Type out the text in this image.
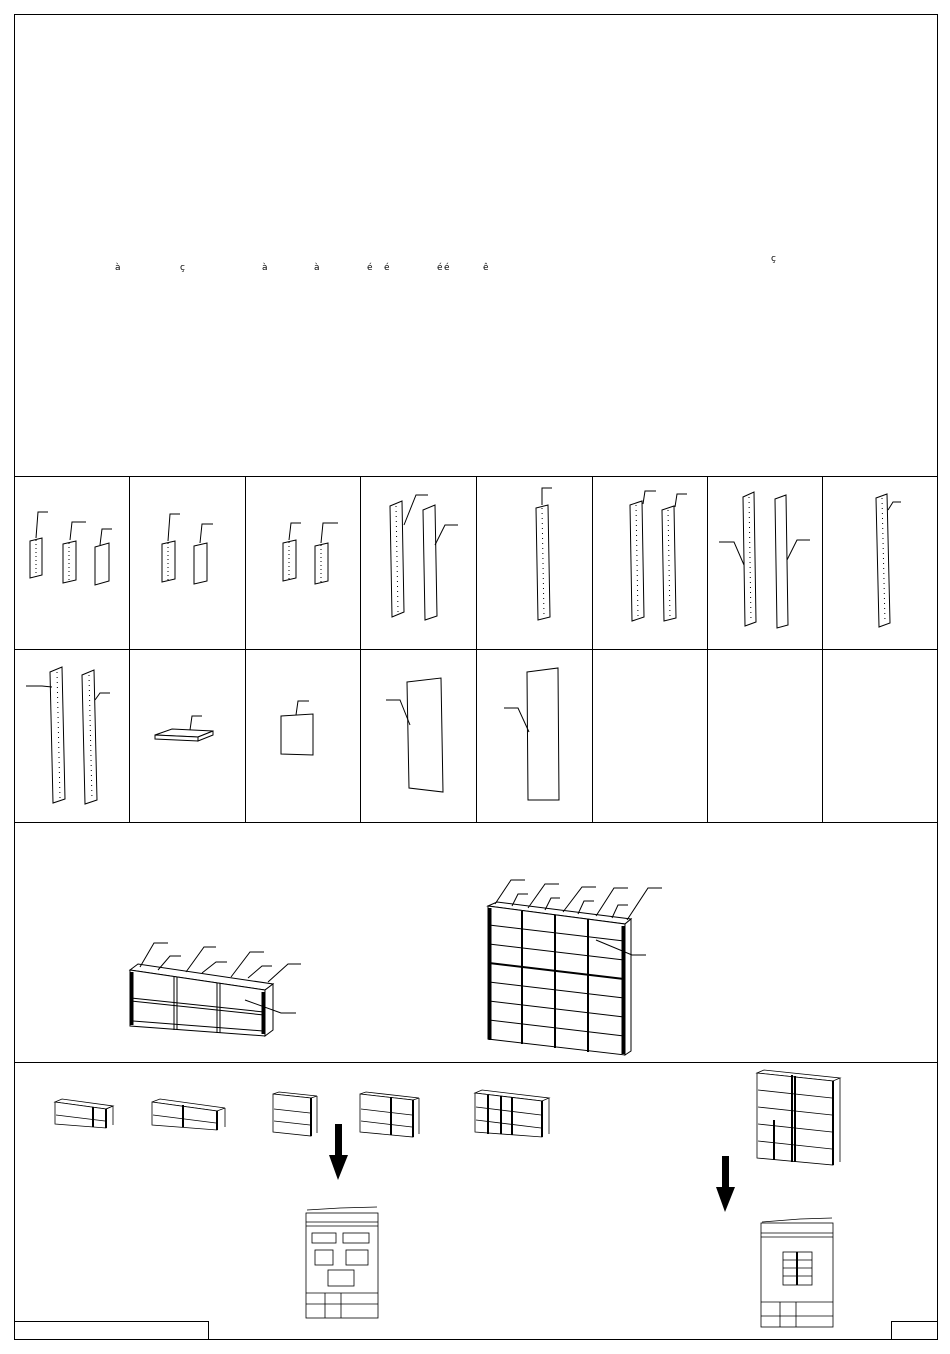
à	ç	à	à	é é	é é	ê
ç
